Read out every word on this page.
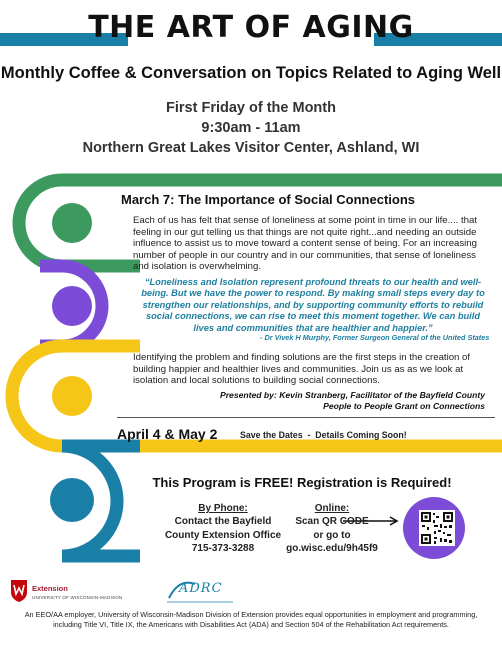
THE ART OF AGING
Monthly Coffee & Conversation on Topics Related to Aging Well
First Friday of the Month
9:30am - 11am
Northern Great Lakes Visitor Center, Ashland, WI
March 7: The Importance of Social Connections
Each of us has felt that sense of loneliness at some point in time in our life.... that feeling in our gut telling us that things are not quite right...and needing an outside influence to assist us to move toward a content sense of being. For an increasing number of people in our country and in our communities, that sense of loneliness and isolation is overwhelming.
“Loneliness and Isolation represent profound threats to our health and well-being. But we have the power to respond. By making small steps every day to strengthen our relationships, and by supporting community efforts to rebuild social connections, we can rise to meet this moment together. We can build lives and communities that are healthier and happier.”
- Dr Vivek H Murphy, Former Surgeon General of the United States
Identifying the problem and finding solutions are the first steps in the creation of building happier and healthier lives and communities. Join us as as we look at isolation and local solutions to building social connections.
Presented by: Kevin Stranberg, Facilitator of the Bayfield County
People to People Grant on Connections
April 4 & May 2	Save the Dates  -  Details Coming Soon!
This Program is FREE! Registration is Required!
By Phone:
Contact the Bayfield
County Extension Office
715-373-3288
Online:
Scan QR CODE
or go to
go.wisc.edu/9h45f9
Extension
UNIVERSITY OF WISCONSIN-MADISON
ADRC
An EEO/AA employer, University of Wisconsin-Madison Division of Extension provides equal opportunities in employment and programming, including Title VI, Title IX, the Americans with Disabilities Act (ADA) and Section 504 of the Rehabilitation Act requirements.
